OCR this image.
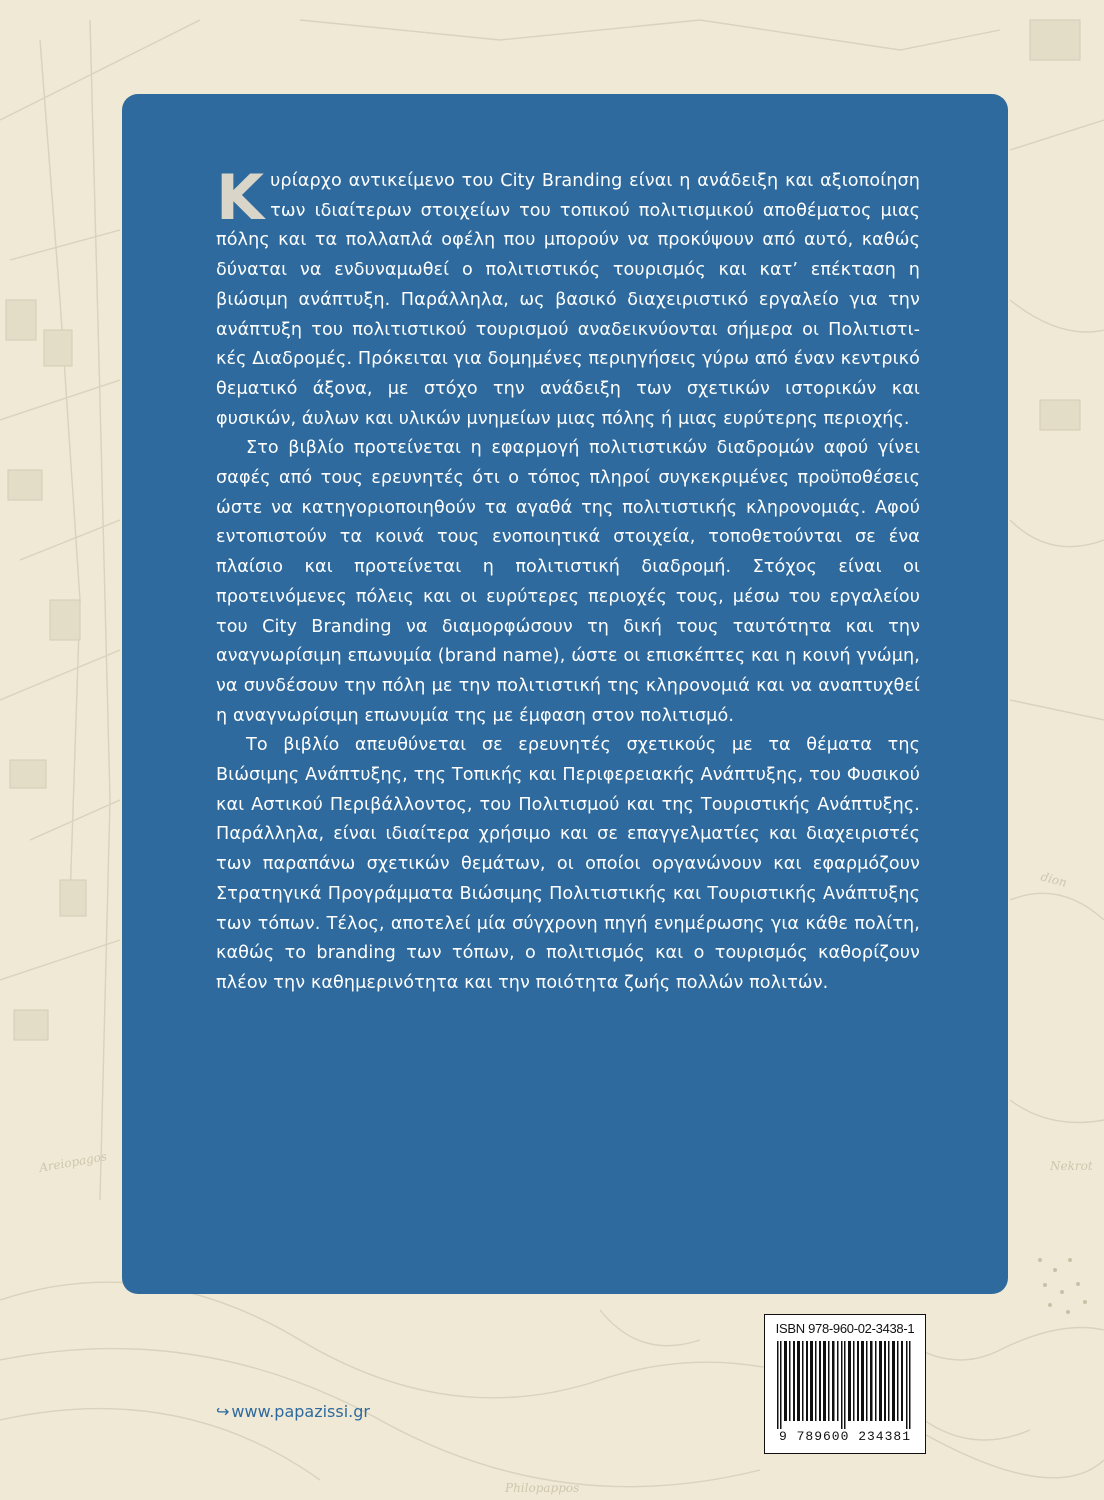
Areiopagos
Philopappos
dion
Nekrot

Κυρίαρχο αντικείμενο του City Branding είναι η ανάδειξη και αξιοποίηση των ιδιαίτερων στοιχείων του τοπικού πολιτισμικού αποθέματος μιας πόλης και τα πολλαπλά οφέλη που μπορούν να προκύψουν από αυτό, καθώς δύναται να ενδυναμωθεί ο πολιτιστικός τουρισμός και κατ’ επέκταση η βιώσιμη ανάπτυξη. Παράλληλα, ως βασικό διαχειριστικό εργαλείο για την ανάπτυξη του πολιτιστικού τουρισμού αναδεικνύονται σήμερα οι Πολιτιστικές Διαδρομές. Πρόκειται για δομημένες περιηγήσεις γύρω από έναν κεντρικό θεματικό άξονα, με στόχο την ανάδειξη των σχετικών ιστορικών και φυσικών, άυλων και υλικών μνημείων μιας πόλης ή μιας ευρύτερης περιοχής.

Στο βιβλίο προτείνεται η εφαρμογή πολιτιστικών διαδρομών αφού γίνει σαφές από τους ερευνητές ότι ο τόπος πληροί συγκεκριμένες προϋποθέσεις ώστε να κατηγοριοποιηθούν τα αγαθά της πολιτιστικής κληρονομιάς. Αφού εντοπιστούν τα κοινά τους ενοποιητικά στοιχεία, τοποθετούνται σε ένα πλαίσιο και προτείνεται η πολιτιστική διαδρομή. Στόχος είναι οι προτεινόμενες πόλεις και οι ευρύτερες περιοχές τους, μέσω του εργαλείου του City Branding να διαμορφώσουν τη δική τους ταυτότητα και την αναγνωρίσιμη επωνυμία (brand name), ώστε οι επισκέπτες και η κοινή γνώμη, να συνδέσουν την πόλη με την πολιτιστική της κληρονομιά και να αναπτυχθεί η αναγνωρίσιμη επωνυμία της με έμφαση στον πολιτισμό.

Το βιβλίο απευθύνεται σε ερευνητές σχετικούς με τα θέματα της Βιώσιμης Ανάπτυξης, της Τοπικής και Περιφερειακής Ανάπτυξης, του Φυσικού και Αστικού Περιβάλλοντος, του Πολιτισμού και της Τουριστικής Ανάπτυξης. Παράλληλα, είναι ιδιαίτερα χρήσιμο και σε επαγγελματίες και διαχειριστές των παραπάνω σχετικών θεμάτων, οι οποίοι οργανώνουν και εφαρμόζουν Στρατηγικά Προγράμματα Βιώσιμης Πολιτιστικής και Τουριστικής Ανάπτυξης των τόπων. Τέλος, αποτελεί μία σύγχρονη πηγή ενημέρωσης για κάθε πολίτη, καθώς το branding των τόπων, ο πολιτισμός και ο τουρισμός καθορίζουν πλέον την καθημερινότητα και την ποιότητα ζωής πολλών πολιτών.

ISBN 978-960-02-3438-1
9 789600 234381
↪ www.papazissi.gr
